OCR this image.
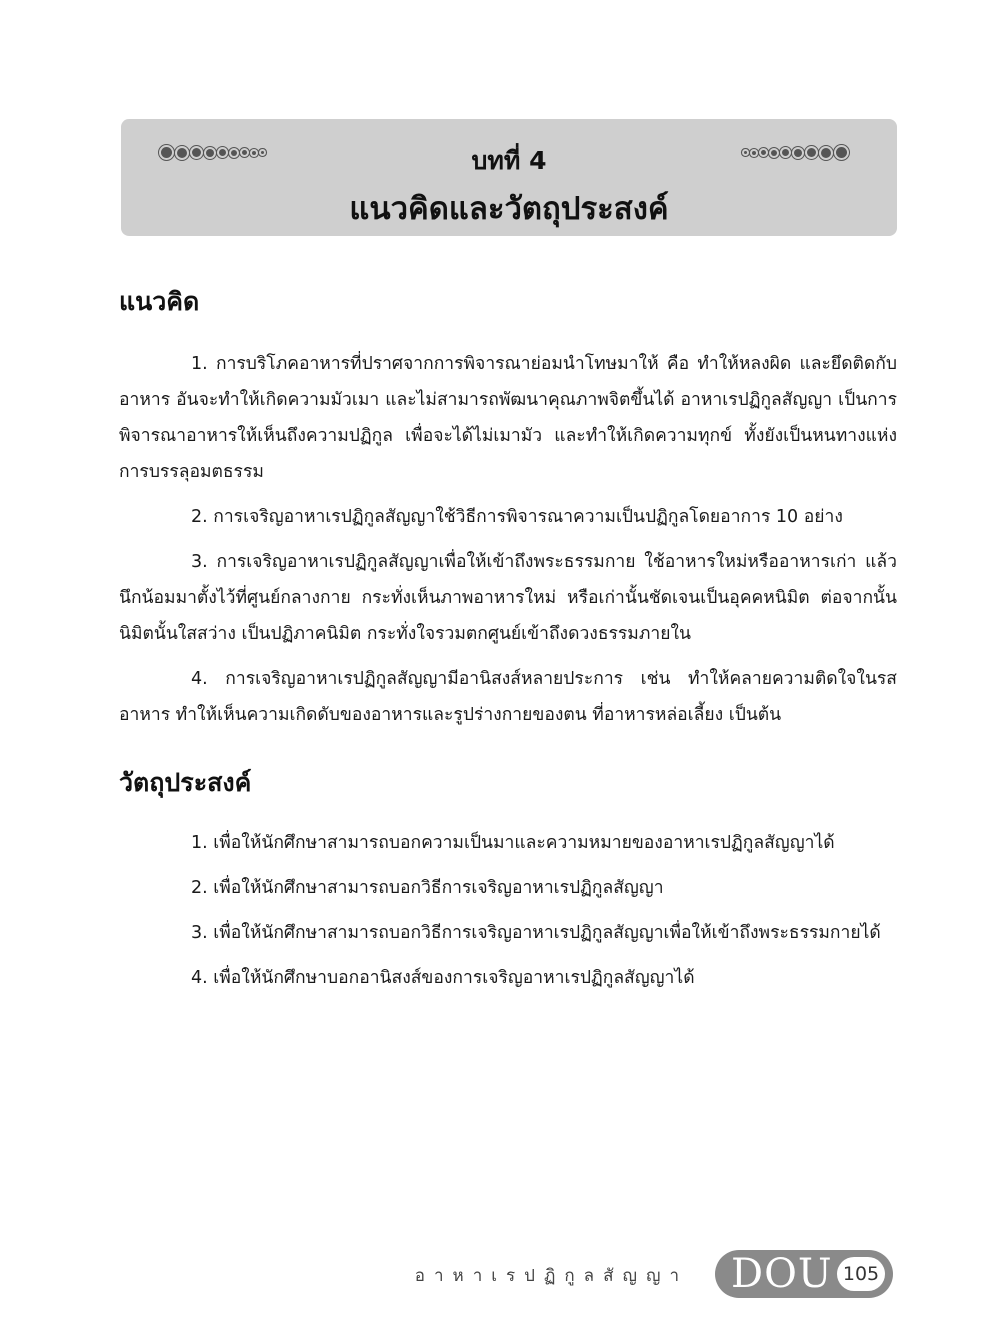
บทที่ 4
แนวคิดและวัตถุประสงค์
แนวคิด

1. การบริโภคอาหารที่ปราศจากการพิจารณาย่อมนำโทษมาให้ คือ ทำให้หลงผิด และยึดติดกับอาหาร อันจะทำให้เกิดความมัวเมา และไม่สามารถพัฒนาคุณภาพจิตขึ้นได้ อาหาเรปฏิกูลสัญญา เป็นการพิจารณาอาหารให้เห็นถึงความปฏิกูล เพื่อจะได้ไม่เมามัว และทำให้เกิดความทุกข์ ทั้งยังเป็นหนทางแห่งการบรรลุอมตธรรม

2. การเจริญอาหาเรปฏิกูลสัญญาใช้วิธีการพิจารณาความเป็นปฏิกูลโดยอาการ 10 อย่าง

3. การเจริญอาหาเรปฏิกูลสัญญาเพื่อให้เข้าถึงพระธรรมกาย ใช้อาหารใหม่หรืออาหารเก่า แล้วนึกน้อมมาตั้งไว้ที่ศูนย์กลางกาย กระทั่งเห็นภาพอาหารใหม่ หรือเก่านั้นชัดเจนเป็นอุคคหนิมิต ต่อจากนั้นนิมิตนั้นใสสว่าง เป็นปฏิภาคนิมิต กระทั่งใจรวมตกศูนย์เข้าถึงดวงธรรมภายใน

4. การเจริญอาหาเรปฏิกูลสัญญามีอานิสงส์หลายประการ เช่น ทำให้คลายความติดใจในรสอาหาร ทำให้เห็นความเกิดดับของอาหารและรูปร่างกายของตน ที่อาหารหล่อเลี้ยง เป็นต้น

วัตถุประสงค์

1. เพื่อให้นักศึกษาสามารถบอกความเป็นมาและความหมายของอาหาเรปฏิกูลสัญญาได้

2. เพื่อให้นักศึกษาสามารถบอกวิธีการเจริญอาหาเรปฏิกูลสัญญา

3. เพื่อให้นักศึกษาสามารถบอกวิธีการเจริญอาหาเรปฏิกูลสัญญาเพื่อให้เข้าถึงพระธรรมกายได้

4. เพื่อให้นักศึกษาบอกอานิสงส์ของการเจริญอาหาเรปฏิกูลสัญญาได้

อาหาเรปฏิกูลสัญญา DOU 105
